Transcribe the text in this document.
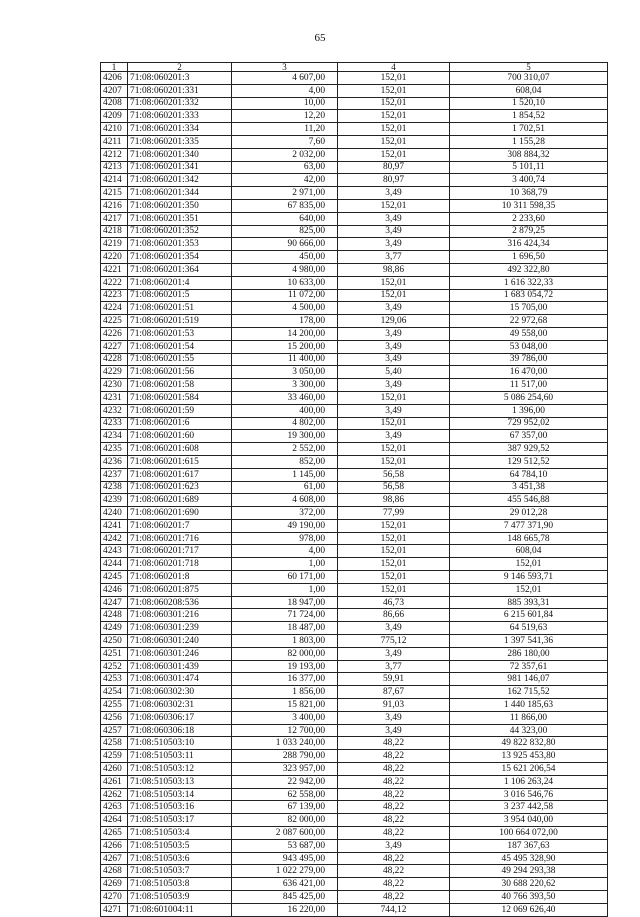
65
1	2	3	4	5
4206	71:08:060201:3	4 607,00	152,01	700 310,07
4207	71:08:060201:331	4,00	152,01	608,04
4208	71:08:060201:332	10,00	152,01	1 520,10
4209	71:08:060201:333	12,20	152,01	1 854,52
4210	71:08:060201:334	11,20	152,01	1 702,51
4211	71:08:060201:335	7,60	152,01	1 155,28
4212	71:08:060201:340	2 032,00	152,01	308 884,32
4213	71:08:060201:341	63,00	80,97	5 101,11
4214	71:08:060201:342	42,00	80,97	3 400,74
4215	71:08:060201:344	2 971,00	3,49	10 368,79
4216	71:08:060201:350	67 835,00	152,01	10 311 598,35
4217	71:08:060201:351	640,00	3,49	2 233,60
4218	71:08:060201:352	825,00	3,49	2 879,25
4219	71:08:060201:353	90 666,00	3,49	316 424,34
4220	71:08:060201:354	450,00	3,77	1 696,50
4221	71:08:060201:364	4 980,00	98,86	492 322,80
4222	71:08:060201:4	10 633,00	152,01	1 616 322,33
4223	71:08:060201:5	11 072,00	152,01	1 683 054,72
4224	71:08:060201:51	4 500,00	3,49	15 705,00
4225	71:08:060201:519	178,00	129,06	22 972,68
4226	71:08:060201:53	14 200,00	3,49	49 558,00
4227	71:08:060201:54	15 200,00	3,49	53 048,00
4228	71:08:060201:55	11 400,00	3,49	39 786,00
4229	71:08:060201:56	3 050,00	5,40	16 470,00
4230	71:08:060201:58	3 300,00	3,49	11 517,00
4231	71:08:060201:584	33 460,00	152,01	5 086 254,60
4232	71:08:060201:59	400,00	3,49	1 396,00
4233	71:08:060201:6	4 802,00	152,01	729 952,02
4234	71:08:060201:60	19 300,00	3,49	67 357,00
4235	71:08:060201:608	2 552,00	152,01	387 929,52
4236	71:08:060201:615	852,00	152,01	129 512,52
4237	71:08:060201:617	1 145,00	56,58	64 784,10
4238	71:08:060201:623	61,00	56,58	3 451,38
4239	71:08:060201:689	4 608,00	98,86	455 546,88
4240	71:08:060201:690	372,00	77,99	29 012,28
4241	71:08:060201:7	49 190,00	152,01	7 477 371,90
4242	71:08:060201:716	978,00	152,01	148 665,78
4243	71:08:060201:717	4,00	152,01	608,04
4244	71:08:060201:718	1,00	152,01	152,01
4245	71:08:060201:8	60 171,00	152,01	9 146 593,71
4246	71:08:060201:875	1,00	152,01	152,01
4247	71:08:060208:536	18 947,00	46,73	885 393,31
4248	71:08:060301:216	71 724,00	86,66	6 215 601,84
4249	71:08:060301:239	18 487,00	3,49	64 519,63
4250	71:08:060301:240	1 803,00	775,12	1 397 541,36
4251	71:08:060301:246	82 000,00	3,49	286 180,00
4252	71:08:060301:439	19 193,00	3,77	72 357,61
4253	71:08:060301:474	16 377,00	59,91	981 146,07
4254	71:08:060302:30	1 856,00	87,67	162 715,52
4255	71:08:060302:31	15 821,00	91,03	1 440 185,63
4256	71:08:060306:17	3 400,00	3,49	11 866,00
4257	71:08:060306:18	12 700,00	3,49	44 323,00
4258	71:08:510503:10	1 033 240,00	48,22	49 822 832,80
4259	71:08:510503:11	288 790,00	48,22	13 925 453,80
4260	71:08:510503:12	323 957,00	48,22	15 621 206,54
4261	71:08:510503:13	22 942,00	48,22	1 106 263,24
4262	71:08:510503:14	62 558,00	48,22	3 016 546,76
4263	71:08:510503:16	67 139,00	48,22	3 237 442,58
4264	71:08:510503:17	82 000,00	48,22	3 954 040,00
4265	71:08:510503:4	2 087 600,00	48,22	100 664 072,00
4266	71:08:510503:5	53 687,00	3,49	187 367,63
4267	71:08:510503:6	943 495,00	48,22	45 495 328,90
4268	71:08:510503:7	1 022 279,00	48,22	49 294 293,38
4269	71:08:510503:8	636 421,00	48,22	30 688 220,62
4270	71:08:510503:9	845 425,00	48,22	40 766 393,50
4271	71:08:601004:11	16 220,00	744,12	12 069 626,40
